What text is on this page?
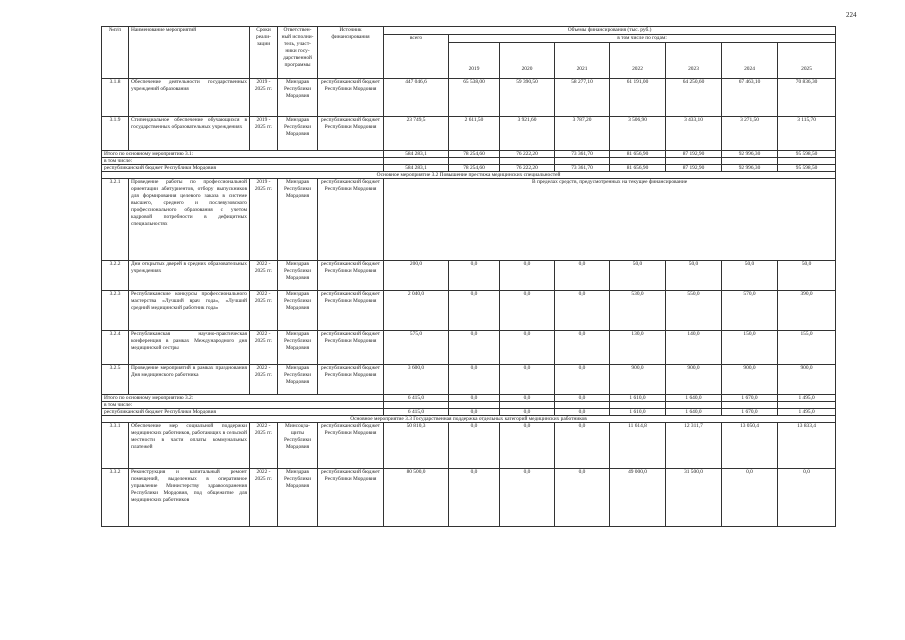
224
№п/п	Наименование мероприятий	Сроки реали-зации	Ответствен-ный исполни-тель, участ-ники госу-дарственной программы	Источник финансирования	Объемы финансирования (тыс. руб.)							
					всего	в том числе по годам:						
						2019	2020	2021	2022	2023	2024	2025
3.1.8	Обеспечение деятельности государственных учреждений образования	2019 - 2025 гг.	Минздрав Республики Мордовия	республиканский бюджет Республики Мордовия	447 046,6	65 538,00	59 390,50	58 277,10	61 191,00	64 250,60	67 463,10	70 836,30
3.1.9	Стипендиальное обеспечение обучающихся в государственных образовательных учреждениях	2019 - 2025 гг.	Минздрав Республики Мордовия	республиканский бюджет Республики Мордовия	23 749,5	2 611,50	3 921,60	3 787,20	3 506,90	3 433,10	3 271,50	3 115,70
Итого по основному мероприятию 3.1:					584 283,1	78 254,60	76 222,20	73 361,70	81 656,90	87 192,90	92 996,30	95 598,50
в том числе:												
республиканский бюджет Республики Мордовия					584 283,1	78 254,60	76 222,20	73 361,70	81 656,90	87 192,90	92 996,30	95 598,50
Основное мероприятие 3.2 Повышение престижа медицинских специальностей												
3.2.1	Проведение работы по профессиональной ориентации абитуриентов, отбору выпускников для формирования целевого заказа в системе высшего, среднего и послевузовского профессионального образования с учетом кадровой потребности в дефицитных специальностях	2019 - 2025 гг.	Минздрав Республики Мордовия	республиканский бюджет Республики Мордовия	В пределах средств, предусмотренных на текущее финансирование							
3.2.2	Дни открытых дверей в средних образовательных учреждениях	2022 - 2025 гг.	Минздрав Республики Мордовия	республиканский бюджет Республики Мордовия	200,0	0,0	0,0	0,0	50,0	50,0	50,0	50,0
3.2.3	Республиканские конкурсы профессионального мастерства «Лучший врач года», «Лучший средний медицинский работник года»	2022 - 2025 гг.	Минздрав Республики Мордовия	республиканский бюджет Республики Мордовия	2 040,0	0,0	0,0	0,0	530,0	550,0	570,0	390,0
3.2.4	Республиканская научно-практическая конференция в рамках Международного дня медицинской сестры	2022 - 2025 гг.	Минздрав Республики Мордовия	республиканский бюджет Республики Мордовия	575,0	0,0	0,0	0,0	130,0	140,0	150,0	155,0
3.2.5	Проведение мероприятий в рамках празднования Дня медицинского работника	2022 - 2025 гг.	Минздрав Республики Мордовия	республиканский бюджет Республики Мордовия	3 600,0	0,0	0,0	0,0	900,0	900,0	900,0	900,0
Итого по основному мероприятию 3.2:					6 415,0	0,0	0,0	0,0	1 610,0	1 640,0	1 670,0	1 495,0
в том числе:												
республиканский бюджет Республики Мордовия					6 415,0	0,0	0,0	0,0	1 610,0	1 640,0	1 670,0	1 495,0
Основное мероприятие 3.3 Государственная поддержка отдельных категорий медицинских работников												
3.3.1	Обеспечение мер социальной поддержки медицинских работников, работающих в сельской местности в части оплаты коммунальных платежей	2022 - 2025 гг.	Минсоцза-щиты Республики Мордовия	республиканский бюджет Республики Мордовия	50 810,3	0,0	0,0	0,0	11 614,8	12 311,7	13 050,4	13 833,4
3.3.2	Реконструкция и капитальный ремонт помещений, выделенных в оперативное управление Министерству здравоохранения Республики Мордовия, под общежитие для медицинских работников	2022 - 2025 гг.	Минздрав Республики Мордовия	республиканский бюджет Республики Мордовия	80 500,0	0,0	0,0	0,0	49 000,0	31 500,0	0,0	0,0
